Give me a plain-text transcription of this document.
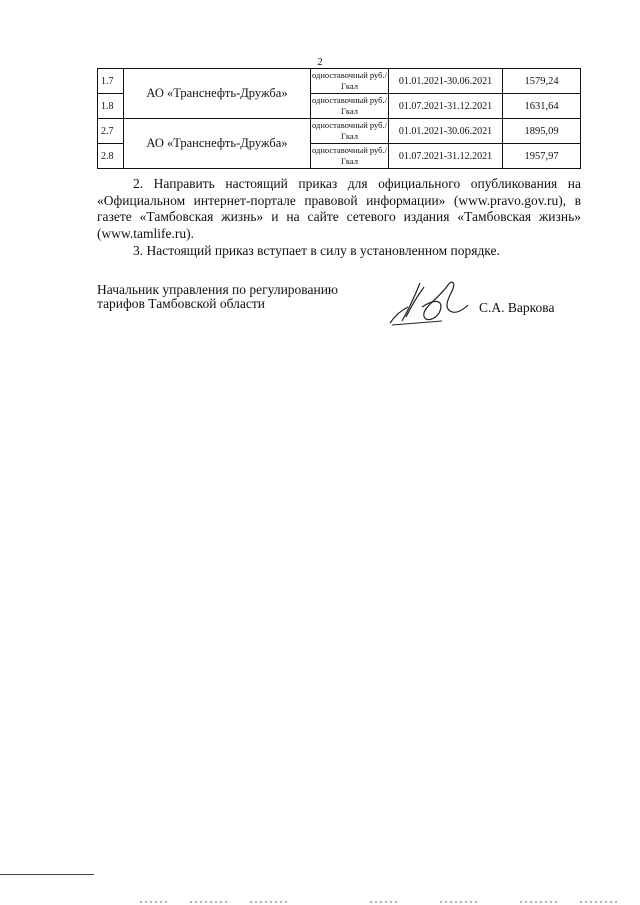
2
1.7	АО «Транснефть-Дружба»	одноставочный руб./Гкал	01.01.2021-30.06.2021	1579,24
1.8		одноставочный руб./Гкал	01.07.2021-31.12.2021	1631,64
2.7	АО «Транснефть-Дружба»	одноставочный руб./Гкал	01.01.2021-30.06.2021	1895,09
2.8		одноставочный руб./Гкал	01.07.2021-31.12.2021	1957,97
2. Направить настоящий приказ для официального опубликования на «Официальном интернет-портале правовой информации» (www.pravo.gov.ru), в газете «Тамбовская жизнь» и на сайте сетевого издания «Тамбовская жизнь» (www.tamlife.ru).
3. Настоящий приказ вступает в силу в установленном порядке.
Начальник управления по регулированию
тарифов Тамбовской области	С.А. Варкова
